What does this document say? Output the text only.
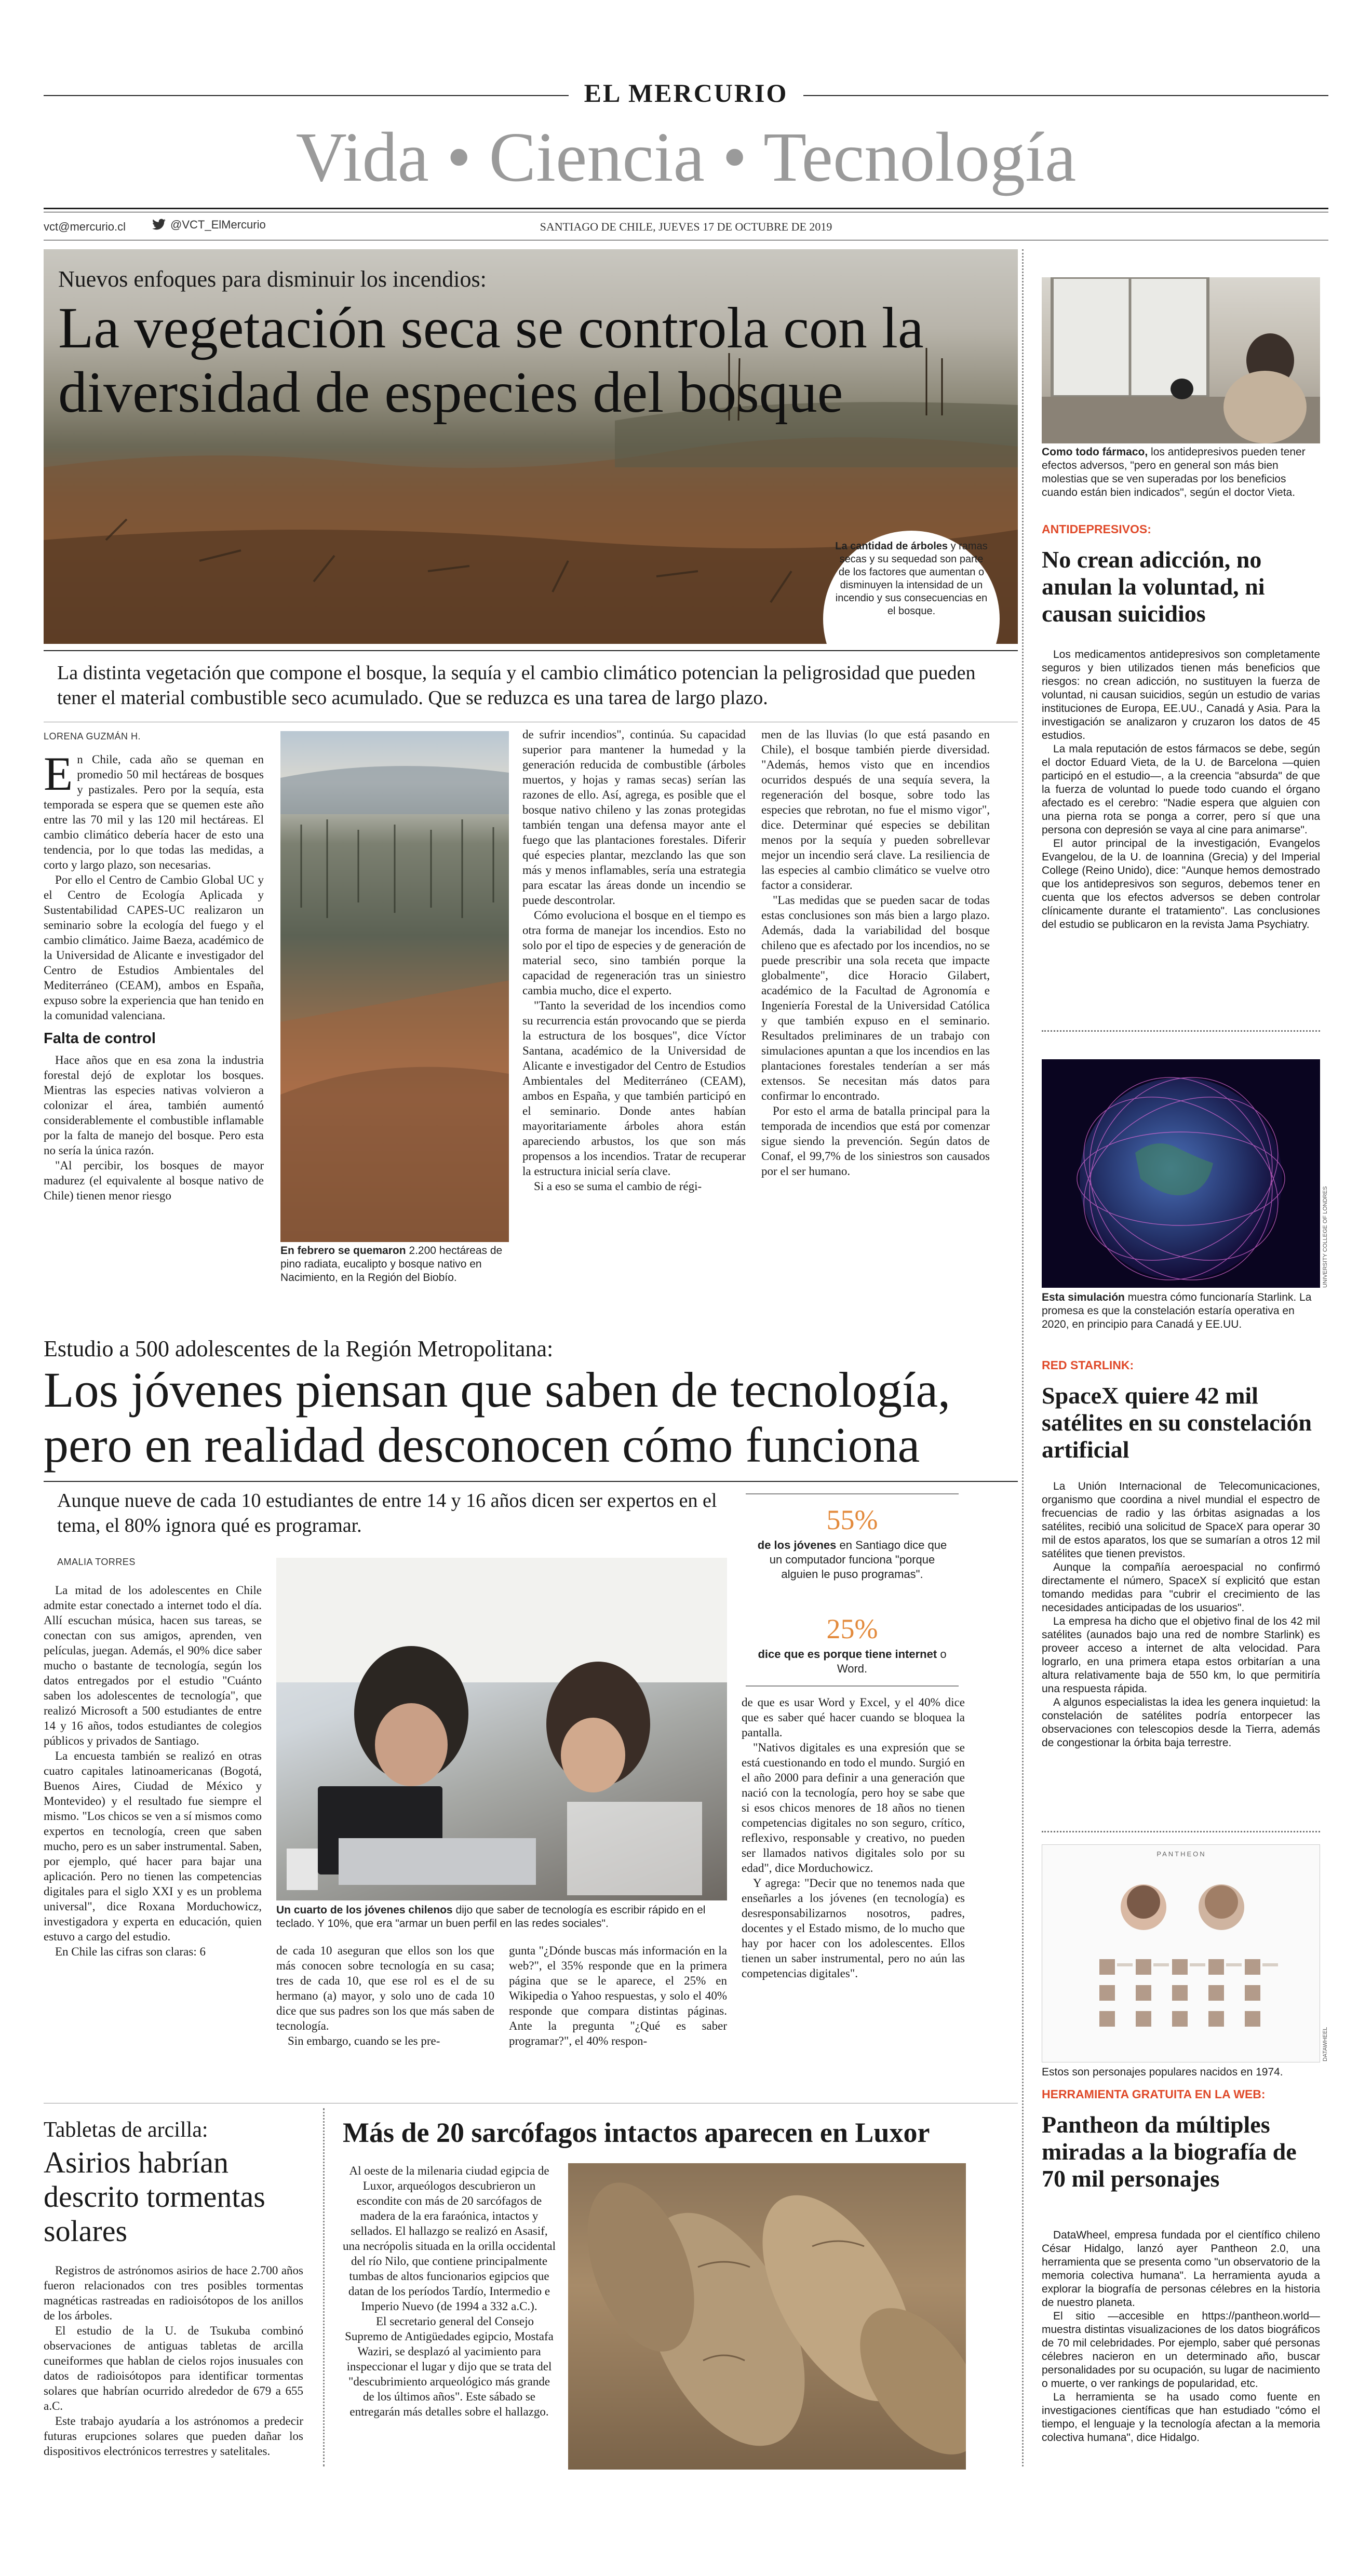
EL MERCURIO
Vida • Ciencia • Tecnología
vct@mercurio.cl	@VCT_ElMercurio	SANTIAGO DE CHILE, JUEVES 17 DE OCTUBRE DE 2019
Nuevos enfoques para disminuir los incendios:
La vegetación seca se controla con la diversidad de especies del bosque
La cantidad de árboles y ramas secas y su sequedad son parte de los factores que aumentan o disminuyen la intensidad de un incendio y sus consecuencias en el bosque.
La distinta vegetación que compone el bosque, la sequía y el cambio climático potencian la peligrosidad que pueden tener el material combustible seco acumulado. Que se reduzca es una tarea de largo plazo.
LORENA GUZMÁN H.

En Chile, cada año se queman en promedio 50 mil hectáreas de bosques y pastizales. Pero por la sequía, esta temporada se espera que se quemen este año entre las 70 mil y las 120 mil hectáreas. El cambio climático debería hacer de esto una tendencia, por lo que todas las medidas, a corto y largo plazo, son necesarias.

Por ello el Centro de Cambio Global UC y el Centro de Ecología Aplicada y Sustentabilidad CAPES-UC realizaron un seminario sobre la ecología del fuego y el cambio climático. Jaime Baeza, académico de la Universidad de Alicante e investigador del Centro de Estudios Ambientales del Mediterráneo (CEAM), ambos en España, expuso sobre la experiencia que han tenido en la comunidad valenciana.

Falta de control

Hace años que en esa zona la industria forestal dejó de explotar los bosques. Mientras las especies nativas volvieron a colonizar el área, también aumentó considerablemente el combustible inflamable por la falta de manejo del bosque. Pero esta no sería la única razón.

"Al percibir, los bosques de mayor madurez (el equivalente al bosque nativo de Chile) tienen menor riesgo

En febrero se quemaron 2.200 hectáreas de pino radiata, eucalipto y bosque nativo en Nacimiento, en la Región del Biobío.

de sufrir incendios", continúa. Su capacidad superior para mantener la humedad y la generación reducida de combustible (árboles muertos, y hojas y ramas secas) serían las razones de ello. Así, agrega, es posible que el bosque nativo chileno y las zonas protegidas también tengan una defensa mayor ante el fuego que las plantaciones forestales. Diferir qué especies plantar, mezclando las que son más y menos inflamables, sería una estrategia para escatar las áreas donde un incendio se puede descontrolar.

Cómo evoluciona el bosque en el tiempo es otra forma de manejar los incendios. Esto no solo por el tipo de especies y de generación de material seco, sino también porque la capacidad de regeneración tras un siniestro cambia mucho, dice el experto.

"Tanto la severidad de los incendios como su recurrencia están provocando que se pierda la estructura de los bosques", dice Víctor Santana, académico de la Universidad de Alicante e investigador del Centro de Estudios Ambientales del Mediterráneo (CEAM), ambos en España, y que también participó en el seminario. Donde antes habían mayoritariamente árboles ahora están apareciendo arbustos, los que son más propensos a los incendios. Tratar de recuperar la estructura inicial sería clave.

Si a eso se suma el cambio de régi-

men de las lluvias (lo que está pasando en Chile), el bosque también pierde diversidad. "Además, hemos visto que en incendios ocurridos después de una sequía severa, la regeneración del bosque, sobre todo las especies que rebrotan, no fue el mismo vigor", dice. Determinar qué especies se debilitan menos por la sequía y pueden sobrellevar mejor un incendio será clave. La resiliencia de las especies al cambio climático se vuelve otro factor a considerar.

"Las medidas que se pueden sacar de todas estas conclusiones son más bien a largo plazo. Además, dada la variabilidad del bosque chileno que es afectado por los incendios, no se puede prescribir una sola receta que impacte globalmente", dice Horacio Gilabert, académico de la Facultad de Agronomía e Ingeniería Forestal de la Universidad Católica y que también expuso en el seminario. Resultados preliminares de un trabajo con simulaciones apuntan a que los incendios en las plantaciones forestales tenderían a ser más extensos. Se necesitan más datos para confirmar lo encontrado.

Por esto el arma de batalla principal para la temporada de incendios que está por comenzar sigue siendo la prevención. Según datos de Conaf, el 99,7% de los siniestros son causados por el ser humano.

Estudio a 500 adolescentes de la Región Metropolitana:
Los jóvenes piensan que saben de tecnología, pero en realidad desconocen cómo funciona
Aunque nueve de cada 10 estudiantes de entre 14 y 16 años dicen ser expertos en el tema, el 80% ignora qué es programar.
AMALIA TORRES
55%
de los jóvenes en Santiago dice que un computador funciona "porque alguien le puso programas".
25%
dice que es porque tiene internet o Word.

La mitad de los adolescentes en Chile admite estar conectado a internet todo el día. Allí escuchan música, hacen sus tareas, se conectan con sus amigos, aprenden, ven películas, juegan. Además, el 90% dice saber mucho o bastante de tecnología, según los datos entregados por el estudio "Cuánto saben los adolescentes de tecnología", que realizó Microsoft a 500 estudiantes de entre 14 y 16 años, todos estudiantes de colegios públicos y privados de Santiago.

La encuesta también se realizó en otras cuatro capitales latinoamericanas (Bogotá, Buenos Aires, Ciudad de México y Montevideo) y el resultado fue siempre el mismo. "Los chicos se ven a sí mismos como expertos en tecnología, creen que saben mucho, pero es un saber instrumental. Saben, por ejemplo, qué hacer para bajar una aplicación. Pero no tienen las competencias digitales para el siglo XXI y es un problema universal", dice Roxana Morduchowicz, investigadora y experta en educación, quien estuvo a cargo del estudio.

En Chile las cifras son claras: 6

Un cuarto de los jóvenes chilenos dijo que saber de tecnología es escribir rápido en el teclado. Y 10%, que era "armar un buen perfil en las redes sociales".

de cada 10 aseguran que ellos son los que más conocen sobre tecnología en su casa; tres de cada 10, que ese rol es el de su hermano (a) mayor, y solo uno de cada 10 dice que sus padres son los que más saben de tecnología.

Sin embargo, cuando se les pre-

gunta "¿Dónde buscas más información en la web?", el 35% responde que en la primera página que se le aparece, el 25% en Wikipedia o Yahoo respuestas, y solo el 40% responde que compara distintas páginas. Ante la pregunta "¿Qué es saber programar?", el 40% respon-

de que es usar Word y Excel, y el 40% dice que es saber qué hacer cuando se bloquea la pantalla.

"Nativos digitales es una expresión que se está cuestionando en todo el mundo. Surgió en el año 2000 para definir a una generación que nació con la tecnología, pero hoy se sabe que si esos chicos menores de 18 años no tienen competencias digitales no son seguro, crítico, reflexivo, responsable y creativo, no pueden ser llamados nativos digitales solo por su edad", dice Morduchowicz.

Y agrega: "Decir que no tenemos nada que enseñarles a los jóvenes (en tecnología) es desresponsabilizarnos nosotros, padres, docentes y el Estado mismo, de lo mucho que hay por hacer con los adolescentes. Ellos tienen un saber instrumental, pero no aún las competencias digitales".

Tabletas de arcilla:
Asirios habrían descrito tormentas solares

Registros de astrónomos asirios de hace 2.700 años fueron relacionados con tres posibles tormentas magnéticas rastreadas en radioisótopos de los anillos de los árboles.

El estudio de la U. de Tsukuba combinó observaciones de antiguas tabletas de arcilla cuneiformes que hablan de cielos rojos inusuales con datos de radioisótopos para identificar tormentas solares que habrían ocurrido alrededor de 679 a 655 a.C.

Este trabajo ayudaría a los astrónomos a predecir futuras erupciones solares que pueden dañar los dispositivos electrónicos terrestres y satelitales.

Más de 20 sarcófagos intactos aparecen en Luxor

Al oeste de la milenaria ciudad egipcia de Luxor, arqueólogos descubrieron un escondite con más de 20 sarcófagos de madera de la era faraónica, intactos y sellados. El hallazgo se realizó en Asasif, una necrópolis situada en la orilla occidental del río Nilo, que contiene principalmente tumbas de altos funcionarios egipcios que datan de los períodos Tardío, Intermedio e Imperio Nuevo (de 1994 a 332 a.C.).

El secretario general del Consejo Supremo de Antigüedades egipcio, Mostafa Waziri, se desplazó al yacimiento para inspeccionar el lugar y dijo que se trata del "descubrimiento arqueológico más grande de los últimos años". Este sábado se entregarán más detalles sobre el hallazgo.

Como todo fármaco, los antidepresivos pueden tener efectos adversos, "pero en general son más bien molestias que se ven superadas por los beneficios cuando están bien indicados", según el doctor Vieta.
ANTIDEPRESIVOS:
No crean adicción, no anulan la voluntad, ni causan suicidios

Los medicamentos antidepresivos son completamente seguros y bien utilizados tienen más beneficios que riesgos: no crean adicción, no sustituyen la fuerza de voluntad, ni causan suicidios, según un estudio de varias instituciones de Europa, EE.UU., Canadá y Asia. Para la investigación se analizaron y cruzaron los datos de 45 estudios.

La mala reputación de estos fármacos se debe, según el doctor Eduard Vieta, de la U. de Barcelona —quien participó en el estudio—, a la creencia "absurda" de que la fuerza de voluntad lo puede todo cuando el órgano afectado es el cerebro: "Nadie espera que alguien con una pierna rota se ponga a correr, pero sí que una persona con depresión se vaya al cine para animarse".

El autor principal de la investigación, Evangelos Evangelou, de la U. de Ioannina (Grecia) y del Imperial College (Reino Unido), dice: "Aunque hemos demostrado que los antidepresivos son seguros, debemos tener en cuenta que los efectos adversos se deben controlar clínicamente durante el tratamiento". Las conclusiones del estudio se publicaron en la revista Jama Psychiatry.

UNIVERSITY COLLEGE OF LONDRES
Esta simulación muestra cómo funcionaría Starlink. La promesa es que la constelación estaría operativa en 2020, en principio para Canadá y EE.UU.
RED STARLINK:
SpaceX quiere 42 mil satélites en su constelación artificial

La Unión Internacional de Telecomunicaciones, organismo que coordina a nivel mundial el espectro de frecuencias de radio y las órbitas asignadas a los satélites, recibió una solicitud de SpaceX para operar 30 mil de estos aparatos, los que se sumarían a otros 12 mil satélites que tienen previstos.

Aunque la compañía aeroespacial no confirmó directamente el número, SpaceX sí explicitó que estan tomando medidas para "cubrir el crecimiento de las necesidades anticipadas de los usuarios".

La empresa ha dicho que el objetivo final de los 42 mil satélites (aunados bajo una red de nombre Starlink) es proveer acceso a internet de alta velocidad. Para lograrlo, en una primera etapa estos orbitarían a una altura relativamente baja de 550 km, lo que permitiría una respuesta rápida.

A algunos especialistas la idea les genera inquietud: la constelación de satélites podría entorpecer las observaciones con telescopios desde la Tierra, además de congestionar la órbita baja terrestre.

PANTHEON
DATAWHEEL
Estos son personajes populares nacidos en 1974.
HERRAMIENTA GRATUITA EN LA WEB:
Pantheon da múltiples miradas a la biografía de 70 mil personajes

DataWheel, empresa fundada por el científico chileno César Hidalgo, lanzó ayer Pantheon 2.0, una herramienta que se presenta como "un observatorio de la memoria colectiva humana". La herramienta ayuda a explorar la biografía de personas célebres en la historia de nuestro planeta.

El sitio —accesible en https://pantheon.world— muestra distintas visualizaciones de los datos biográficos de 70 mil celebridades. Por ejemplo, saber qué personas célebres nacieron en un determinado año, buscar personalidades por su ocupación, su lugar de nacimiento o muerte, o ver rankings de popularidad, etc.

La herramienta se ha usado como fuente en investigaciones científicas que han estudiado "cómo el tiempo, el lenguaje y la tecnología afectan a la memoria colectiva humana", dice Hidalgo.
